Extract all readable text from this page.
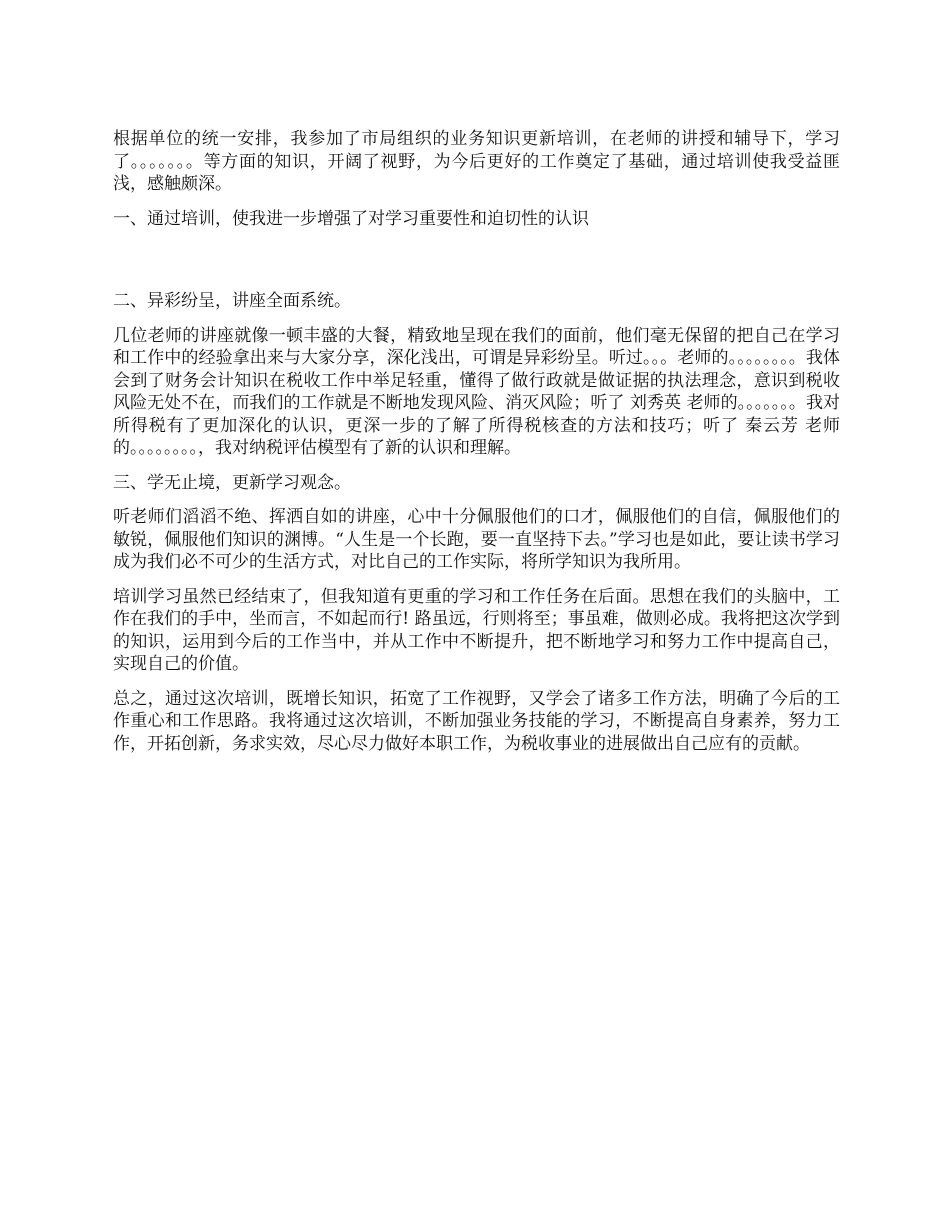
根据单位的统一安排，我参加了市局组织的业务知识更新培训，在老师的讲授和辅导下，学习了。。。。。。。等方面的知识，开阔了视野，为今后更好的工作奠定了基础，通过培训使我受益匪浅，感触颇深。

一、通过培训，使我进一步增强了对学习重要性和迫切性的认识

二、异彩纷呈，讲座全面系统。

几位老师的讲座就像一顿丰盛的大餐，精致地呈现在我们的面前，他们毫无保留的把自己在学习和工作中的经验拿出来与大家分享，深化浅出，可谓是异彩纷呈。听过。。。老师的。。。。。。。。我体会到了财务会计知识在税收工作中举足轻重，懂得了做行政就是做证据的执法理念，意识到税收风险无处不在，而我们的工作就是不断地发现风险、消灭风险；听了 刘秀英 老师的。。。。。。。我对所得税有了更加深化的认识，更深一步的了解了所得税核查的方法和技巧；听了 秦云芳 老师的。。。。。。。。，我对纳税评估模型有了新的认识和理解。

三、学无止境，更新学习观念。

听老师们滔滔不绝、挥洒自如的讲座，心中十分佩服他们的口才，佩服他们的自信，佩服他们的敏锐，佩服他们知识的渊博。“人生是一个长跑，要一直坚持下去。”学习也是如此，要让读书学习成为我们必不可少的生活方式，对比自己的工作实际，将所学知识为我所用。

培训学习虽然已经结束了，但我知道有更重的学习和工作任务在后面。思想在我们的头脑中，工作在我们的手中，坐而言，不如起而行! 路虽远，行则将至；事虽难，做则必成。我将把这次学到的知识，运用到今后的工作当中，并从工作中不断提升，把不断地学习和努力工作中提高自己，实现自己的价值。

总之，通过这次培训，既增长知识，拓宽了工作视野，又学会了诸多工作方法，明确了今后的工作重心和工作思路。我将通过这次培训，不断加强业务技能的学习，不断提高自身素养，努力工作，开拓创新，务求实效，尽心尽力做好本职工作，为税收事业的进展做出自己应有的贡献。
